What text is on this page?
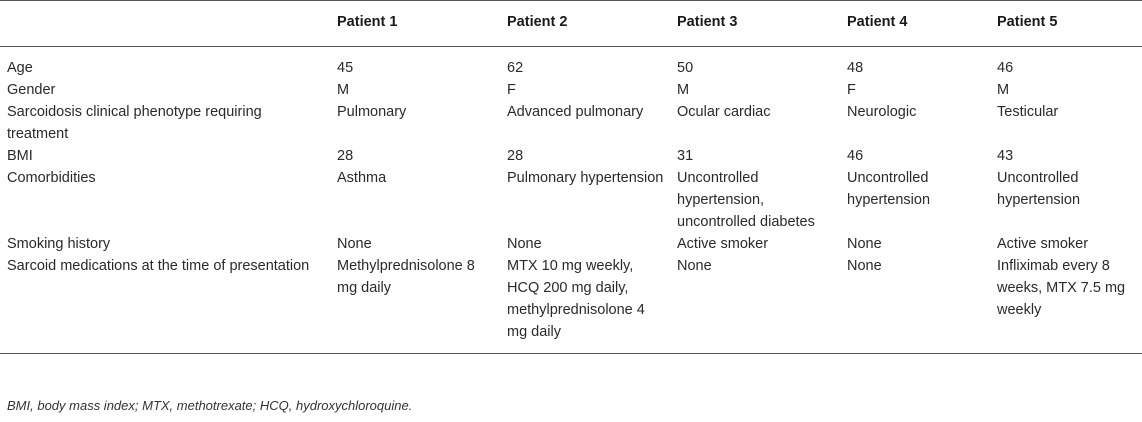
	Patient 1	Patient 2	Patient 3	Patient 4	Patient 5
Age	45	62	50	48	46
Gender	M	F	M	F	M
Sarcoidosis clinical phenotype requiring treatment	Pulmonary	Advanced pulmonary	Ocular cardiac	Neurologic	Testicular
BMI	28	28	31	46	43
Comorbidities	Asthma	Pulmonary hypertension	Uncontrolled hypertension, uncontrolled diabetes	Uncontrolled hypertension	Uncontrolled hypertension
Smoking history	None	None	Active smoker	None	Active smoker
Sarcoid medications at the time of presentation	Methylprednisolone 8 mg daily	MTX 10 mg weekly, HCQ 200 mg daily, methylprednisolone 4 mg daily	None	None	Infliximab every 8 weeks, MTX 7.5 mg weekly
BMI, body mass index; MTX, methotrexate; HCQ, hydroxychloroquine.
